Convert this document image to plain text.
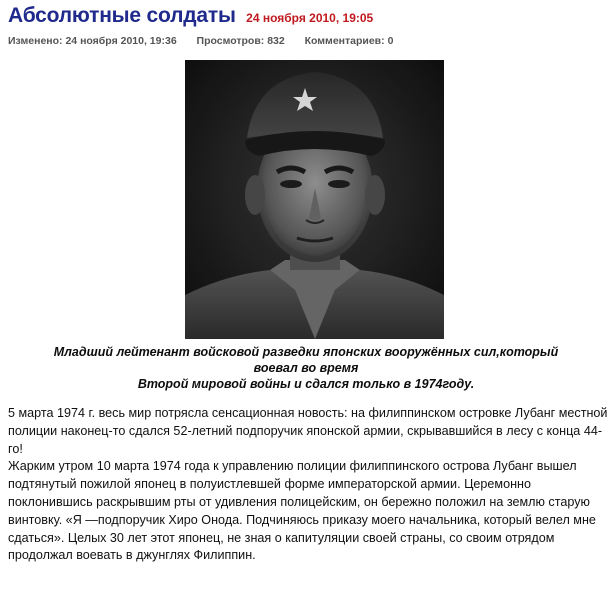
Абсолютные солдаты 24 ноября 2010, 19:05
Изменено: 24 ноября 2010, 19:36 Просмотров: 832 Комментариев: 0
Младший лейтенант войсковой разведки японских вооружённых сил,который
воевал во время
Второй мировой войны и сдался только в 1974году.

5 марта 1974 г. весь мир потрясла сенсационная новость: на филиппинском островке Лубанг местной полиции наконец-то сдался 52-летний подпоручик японской армии, скрывавшийся в лесу с конца 44-го!

Жарким утром 10 марта 1974 года к управлению полиции филиппинского острова Лубанг вышел подтянутый пожилой японец в полуистлевшей форме императорской армии. Церемонно поклонившись раскрывшим рты от удивления полицейским, он бережно положил на землю старую винтовку. «Я —подпоручик Хиро Онода. Подчиняюсь приказу моего начальника, который велел мне сдаться». Целых 30 лет этот японец, не зная о капитуляции своей страны, со своим отрядом продолжал воевать в джунглях Филиппин.
